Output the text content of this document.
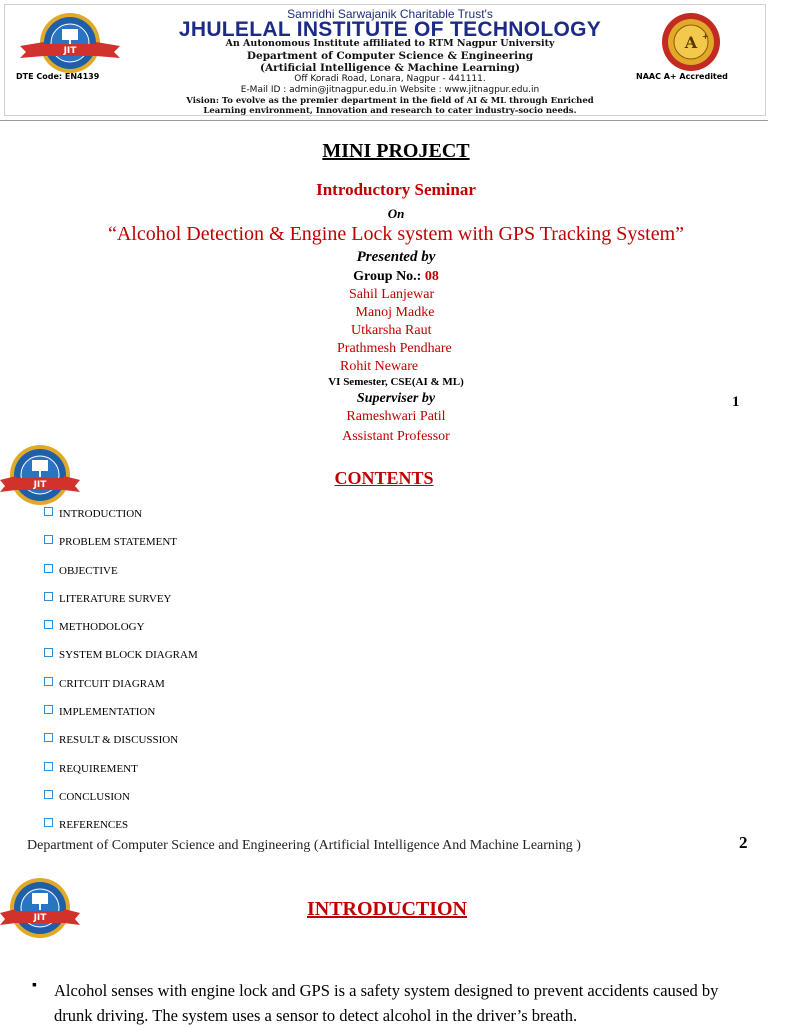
JIT
Samridhi Sarwajanik Charitable Trust's
JHULELAL INSTITUTE OF TECHNOLOGY
An Autonomous Institute affiliated to RTM Nagpur University
Department of Computer Science & Engineering
(Artificial Intelligence & Machine Learning)
Off Koradi Road, Lonara, Nagpur - 441111.
E-Mail ID : admin@jitnagpur.edu.in Website : www.jitnagpur.edu.in
Vision: To evolve as the premier department in the field of AI & ML through Enriched
Learning environment, Innovation and research to cater industry-socio needs.
DTE Code: EN4139
A +
NAAC A+ Accredited
MINI PROJECT
Introductory Seminar
On
“Alcohol Detection & Engine Lock system with GPS Tracking System”
Presented by
Group No.: 08
Sahil Lanjewar
Manoj Madke
Utkarsha Raut
Prathmesh Pendhare
Rohit Neware
VI Semester, CSE(AI & ML)
Superviser by
Rameshwari Patil
Assistant Professor
1
JIT	CONTENTS
INTRODUCTION
PROBLEM STATEMENT
OBJECTIVE
LITERATURE SURVEY
METHODOLOGY
SYSTEM BLOCK DIAGRAM
CRITCUIT DIAGRAM
IMPLEMENTATION
RESULT & DISCUSSION
REQUIREMENT
CONCLUSION
REFERENCES
Department of Computer Science and Engineering (Artificial Intelligence And Machine Learning )	2
JIT	INTRODUCTION
▪ Alcohol senses with engine lock and GPS is a safety system designed to prevent accidents caused by drunk driving. The system uses a sensor to detect alcohol in the driver’s breath.
